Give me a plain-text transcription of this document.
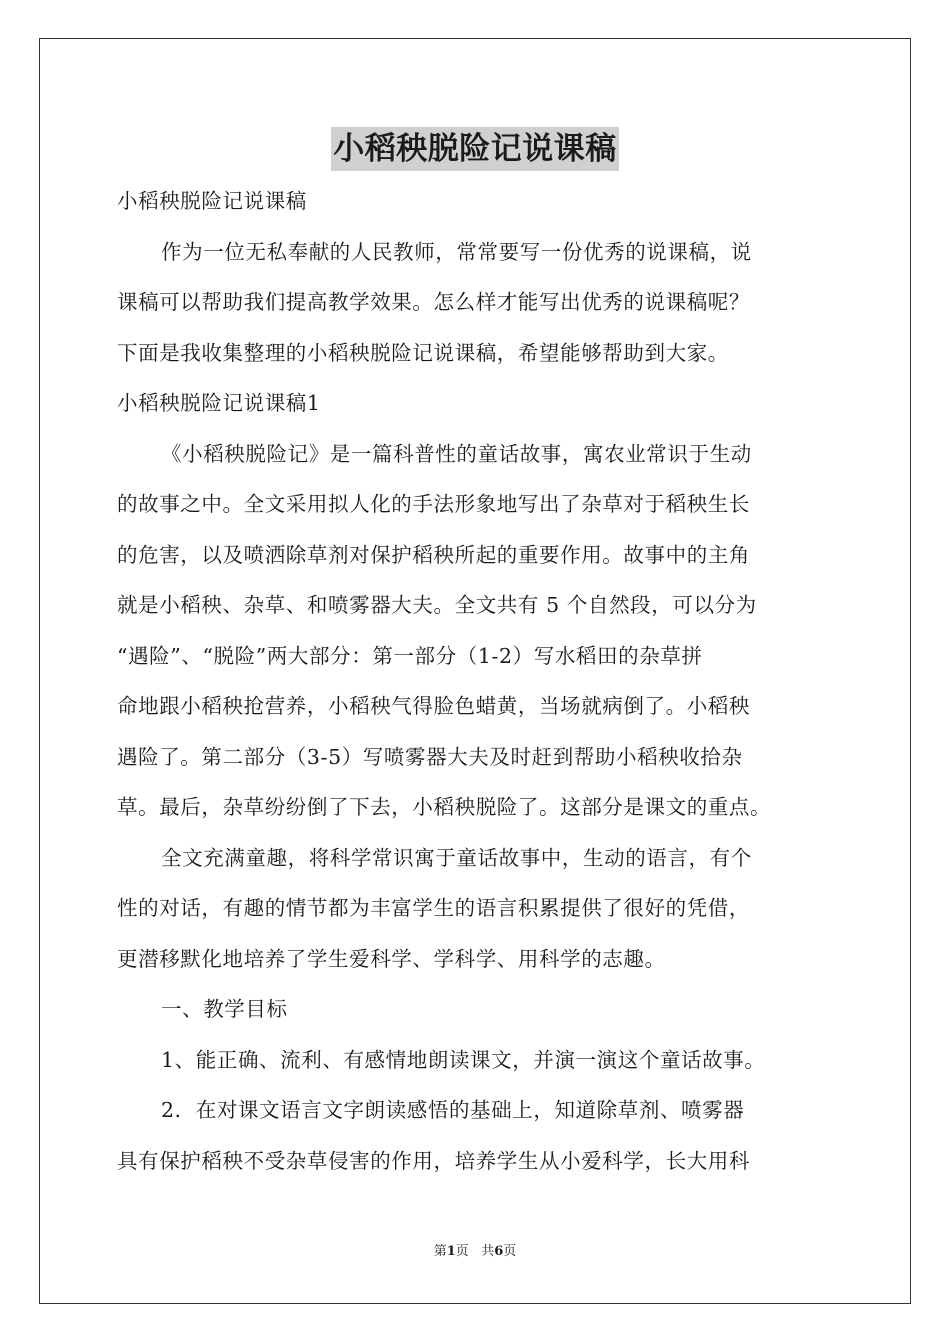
小稻秧脱险记说课稿
小稻秧脱险记说课稿
作为一位无私奉献的人民教师，常常要写一份优秀的说课稿，说
课稿可以帮助我们提高教学效果。怎么样才能写出优秀的说课稿呢？
下面是我收集整理的小稻秧脱险记说课稿，希望能够帮助到大家。
小稻秧脱险记说课稿1
《小稻秧脱险记》是一篇科普性的童话故事，寓农业常识于生动
的故事之中。全文采用拟人化的手法形象地写出了杂草对于稻秧生长
的危害，以及喷洒除草剂对保护稻秧所起的重要作用。故事中的主角
就是小稻秧、杂草、和喷雾器大夫。全文共有 5 个自然段，可以分为
“遇险”、“脱险”两大部分：第一部分（1-2）写水稻田的杂草拼
命地跟小稻秧抢营养，小稻秧气得脸色蜡黄，当场就病倒了。小稻秧
遇险了。第二部分（3-5）写喷雾器大夫及时赶到帮助小稻秧收拾杂
草。最后，杂草纷纷倒了下去，小稻秧脱险了。这部分是课文的重点。
全文充满童趣，将科学常识寓于童话故事中，生动的语言，有个
性的对话，有趣的情节都为丰富学生的语言积累提供了很好的凭借，
更潜移默化地培养了学生爱科学、学科学、用科学的志趣。
一、教学目标
1、能正确、流利、有感情地朗读课文，并演一演这个童话故事。
2．在对课文语言文字朗读感悟的基础上，知道除草剂、喷雾器
具有保护稻秧不受杂草侵害的作用，培养学生从小爱科学，长大用科
第1页 共6页
